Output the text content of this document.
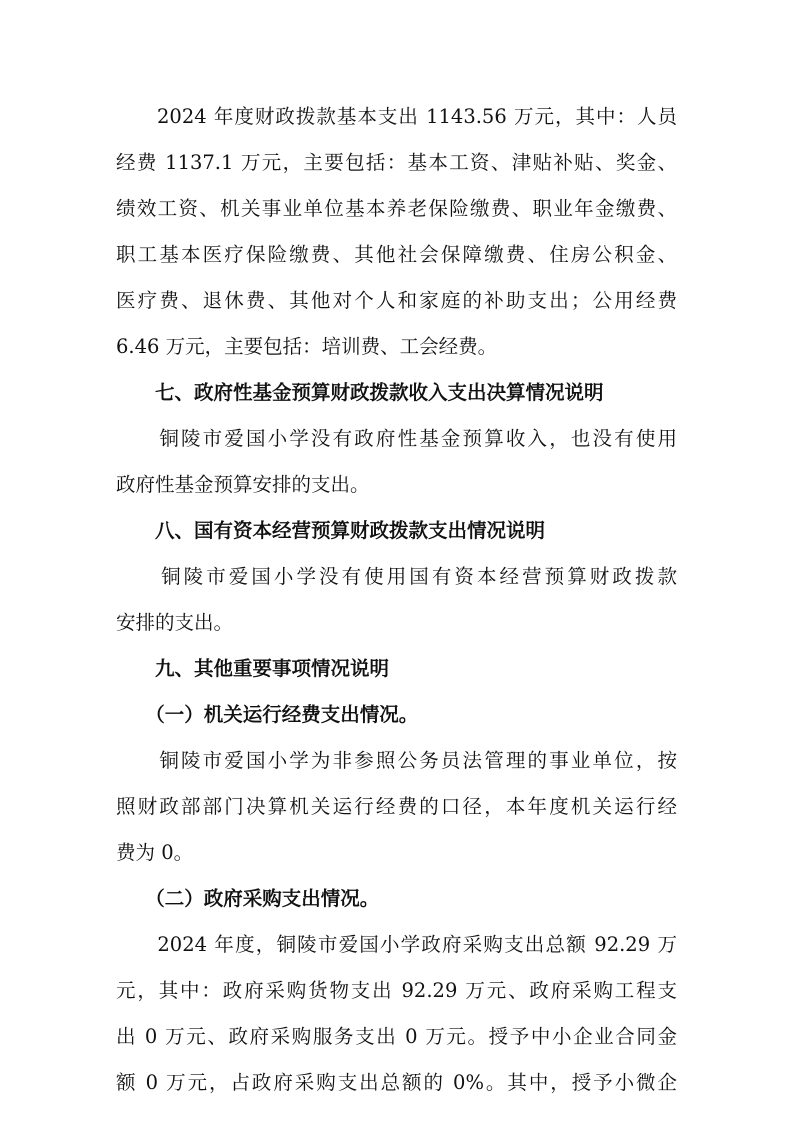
　　2024 年度财政拨款基本支出 1143.56 万元，其中：人员
经费 1137.1 万元，主要包括：基本工资、津贴补贴、奖金、
绩效工资、机关事业单位基本养老保险缴费、职业年金缴费、
职工基本医疗保险缴费、其他社会保障缴费、住房公积金、
医疗费、退休费、其他对个人和家庭的补助支出；公用经费
6.46 万元，主要包括：培训费、工会经费。
　　七、政府性基金预算财政拨款收入支出决算情况说明
　　铜陵市爱国小学没有政府性基金预算收入，也没有使用
政府性基金预算安排的支出。
　　八、国有资本经营预算财政拨款支出情况说明
　　铜陵市爱国小学没有使用国有资本经营预算财政拨款
安排的支出。
　　九、其他重要事项情况说明
　　（一）机关运行经费支出情况。
　　铜陵市爱国小学为非参照公务员法管理的事业单位，按
照财政部部门决算机关运行经费的口径，本年度机关运行经
费为 0。
　　（二）政府采购支出情况。
　　2024 年度，铜陵市爱国小学政府采购支出总额 92.29 万
元，其中：政府采购货物支出 92.29 万元、政府采购工程支
出 0 万元、政府采购服务支出 0 万元。授予中小企业合同金
额 0 万元，占政府采购支出总额的 0%。其中，授予小微企
